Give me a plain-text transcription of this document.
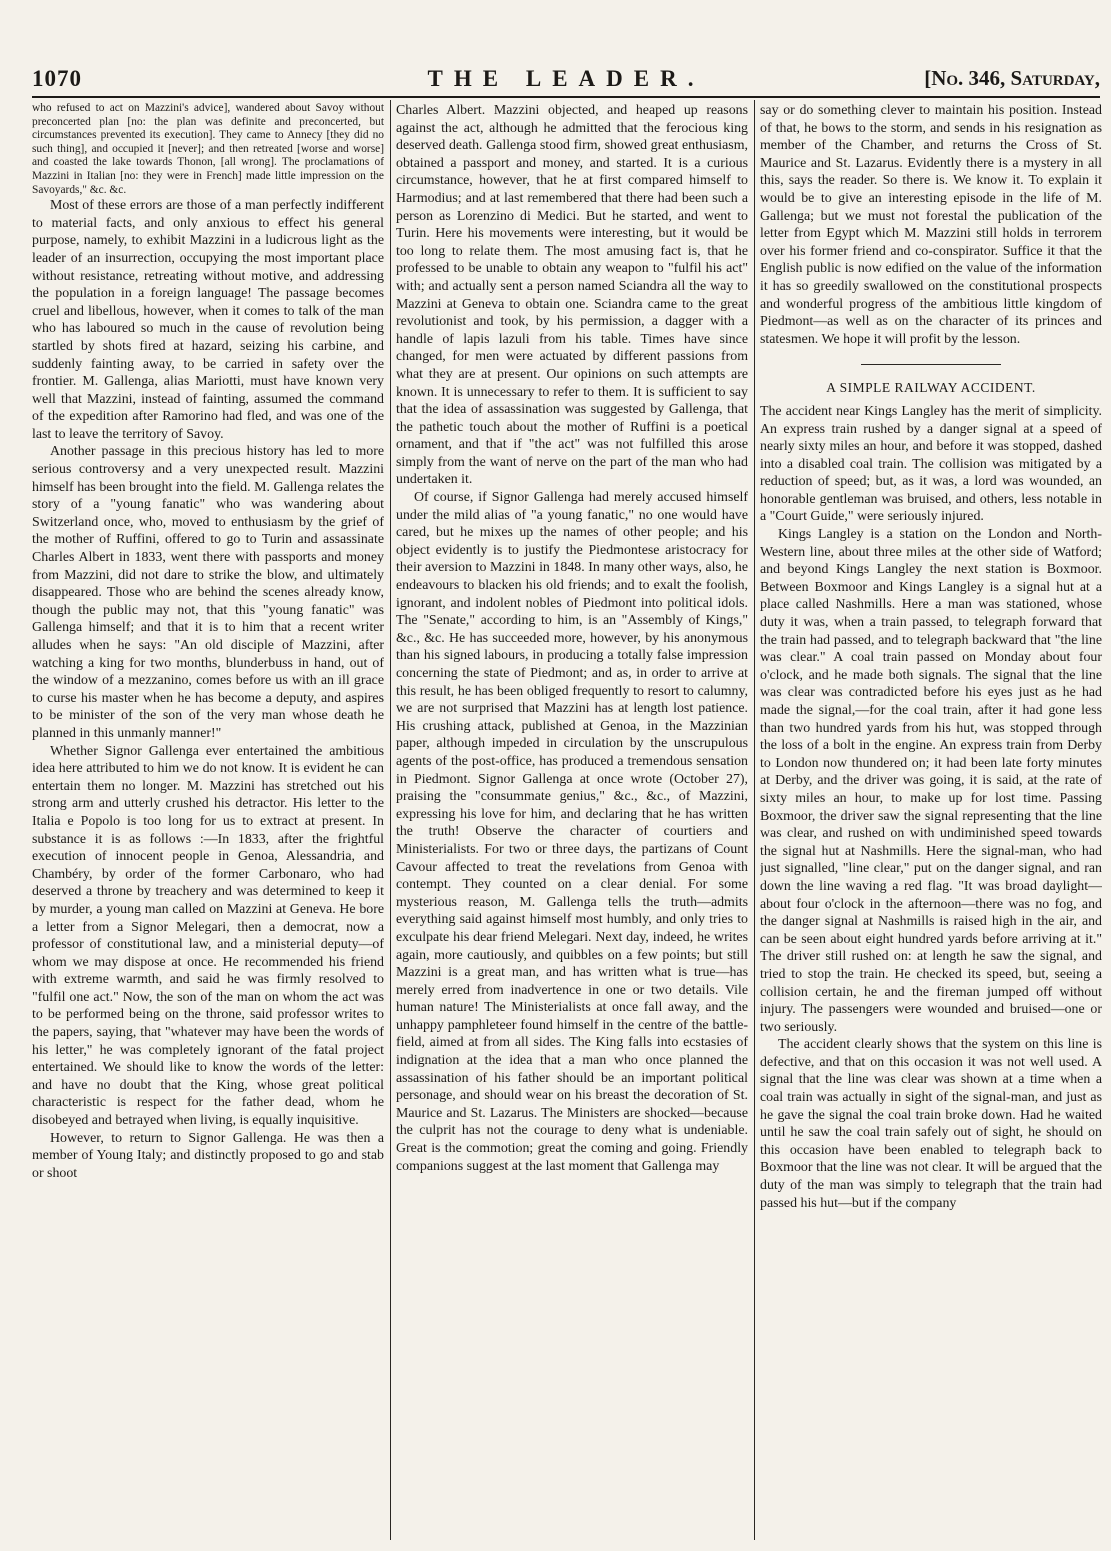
1070	THE LEADER.	[No. 346, Saturday,

who refused to act on Mazzini's advice], wandered about Savoy without preconcerted plan [no: the plan was definite and preconcerted, but circumstances prevented its execution]. They came to Annecy [they did no such thing], and occupied it [never]; and then retreated [worse and worse] and coasted the lake towards Thonon, [all wrong]. The proclamations of Mazzini in Italian [no: they were in French] made little impression on the Savoyards," &c. &c.

Most of these errors are those of a man perfectly indifferent to material facts, and only anxious to effect his general purpose, namely, to exhibit Mazzini in a ludicrous light as the leader of an insurrection, occupying the most important place without resistance, retreating without motive, and addressing the population in a foreign language! The passage becomes cruel and libellous, however, when it comes to talk of the man who has laboured so much in the cause of revolution being startled by shots fired at hazard, seizing his carbine, and suddenly fainting away, to be carried in safety over the frontier. M. Gallenga, alias Mariotti, must have known very well that Mazzini, instead of fainting, assumed the command of the expedition after Ramorino had fled, and was one of the last to leave the territory of Savoy.

Another passage in this precious history has led to more serious controversy and a very unexpected result. Mazzini himself has been brought into the field. M. Gallenga relates the story of a "young fanatic" who was wandering about Switzerland once, who, moved to enthusiasm by the grief of the mother of Ruffini, offered to go to Turin and assassinate Charles Albert in 1833, went there with passports and money from Mazzini, did not dare to strike the blow, and ultimately disappeared. Those who are behind the scenes already know, though the public may not, that this "young fanatic" was Gallenga himself; and that it is to him that a recent writer alludes when he says: "An old disciple of Mazzini, after watching a king for two months, blunderbuss in hand, out of the window of a mezzanino, comes before us with an ill grace to curse his master when he has become a deputy, and aspires to be minister of the son of the very man whose death he planned in this unmanly manner!"

Whether Signor Gallenga ever entertained the ambitious idea here attributed to him we do not know. It is evident he can entertain them no longer. M. Mazzini has stretched out his strong arm and utterly crushed his detractor. His letter to the Italia e Popolo is too long for us to extract at present. In substance it is as follows :—In 1833, after the frightful execution of innocent people in Genoa, Alessandria, and Chambéry, by order of the former Carbonaro, who had deserved a throne by treachery and was determined to keep it by murder, a young man called on Mazzini at Geneva. He bore a letter from a Signor Melegari, then a democrat, now a professor of constitutional law, and a ministerial deputy—of whom we may dispose at once. He recommended his friend with extreme warmth, and said he was firmly resolved to "fulfil one act." Now, the son of the man on whom the act was to be performed being on the throne, said professor writes to the papers, saying, that "whatever may have been the words of his letter," he was completely ignorant of the fatal project entertained. We should like to know the words of the letter: and have no doubt that the King, whose great political characteristic is respect for the father dead, whom he disobeyed and betrayed when living, is equally inquisitive.

However, to return to Signor Gallenga. He was then a member of Young Italy; and distinctly proposed to go and stab or shoot

Charles Albert. Mazzini objected, and heaped up reasons against the act, although he admitted that the ferocious king deserved death. Gallenga stood firm, showed great enthusiasm, obtained a passport and money, and started. It is a curious circumstance, however, that he at first compared himself to Harmodius; and at last remembered that there had been such a person as Lorenzino di Medici. But he started, and went to Turin. Here his movements were interesting, but it would be too long to relate them. The most amusing fact is, that he professed to be unable to obtain any weapon to "fulfil his act" with; and actually sent a person named Sciandra all the way to Mazzini at Geneva to obtain one. Sciandra came to the great revolutionist and took, by his permission, a dagger with a handle of lapis lazuli from his table. Times have since changed, for men were actuated by different passions from what they are at present. Our opinions on such attempts are known. It is unnecessary to refer to them. It is sufficient to say that the idea of assassination was suggested by Gallenga, that the pathetic touch about the mother of Ruffini is a poetical ornament, and that if "the act" was not fulfilled this arose simply from the want of nerve on the part of the man who had undertaken it.

Of course, if Signor Gallenga had merely accused himself under the mild alias of "a young fanatic," no one would have cared, but he mixes up the names of other people; and his object evidently is to justify the Piedmontese aristocracy for their aversion to Mazzini in 1848. In many other ways, also, he endeavours to blacken his old friends; and to exalt the foolish, ignorant, and indolent nobles of Piedmont into political idols. The "Senate," according to him, is an "Assembly of Kings," &c., &c. He has succeeded more, however, by his anonymous than his signed labours, in producing a totally false impression concerning the state of Piedmont; and as, in order to arrive at this result, he has been obliged frequently to resort to calumny, we are not surprised that Mazzini has at length lost patience. His crushing attack, published at Genoa, in the Mazzinian paper, although impeded in circulation by the unscrupulous agents of the post-office, has produced a tremendous sensation in Piedmont. Signor Gallenga at once wrote (October 27), praising the "consummate genius," &c., &c., of Mazzini, expressing his love for him, and declaring that he has written the truth! Observe the character of courtiers and Ministerialists. For two or three days, the partizans of Count Cavour affected to treat the revelations from Genoa with contempt. They counted on a clear denial. For some mysterious reason, M. Gallenga tells the truth—admits everything said against himself most humbly, and only tries to exculpate his dear friend Melegari. Next day, indeed, he writes again, more cautiously, and quibbles on a few points; but still Mazzini is a great man, and has written what is true—has merely erred from inadvertence in one or two details. Vile human nature! The Ministerialists at once fall away, and the unhappy pamphleteer found himself in the centre of the battle-field, aimed at from all sides. The King falls into ecstasies of indignation at the idea that a man who once planned the assassination of his father should be an important political personage, and should wear on his breast the decoration of St. Maurice and St. Lazarus. The Ministers are shocked—because the culprit has not the courage to deny what is undeniable. Great is the commotion; great the coming and going. Friendly companions suggest at the last moment that Gallenga may

say or do something clever to maintain his position. Instead of that, he bows to the storm, and sends in his resignation as member of the Chamber, and returns the Cross of St. Maurice and St. Lazarus. Evidently there is a mystery in all this, says the reader. So there is. We know it. To explain it would be to give an interesting episode in the life of M. Gallenga; but we must not forestal the publication of the letter from Egypt which M. Mazzini still holds in terrorem over his former friend and co-conspirator. Suffice it that the English public is now edified on the value of the information it has so greedily swallowed on the constitutional prospects and wonderful progress of the ambitious little kingdom of Piedmont—as well as on the character of its princes and statesmen. We hope it will profit by the lesson.

A SIMPLE RAILWAY ACCIDENT.

The accident near Kings Langley has the merit of simplicity. An express train rushed by a danger signal at a speed of nearly sixty miles an hour, and before it was stopped, dashed into a disabled coal train. The collision was mitigated by a reduction of speed; but, as it was, a lord was wounded, an honorable gentleman was bruised, and others, less notable in a "Court Guide," were seriously injured.

Kings Langley is a station on the London and North-Western line, about three miles at the other side of Watford; and beyond Kings Langley the next station is Boxmoor. Between Boxmoor and Kings Langley is a signal hut at a place called Nashmills. Here a man was stationed, whose duty it was, when a train passed, to telegraph forward that the train had passed, and to telegraph backward that "the line was clear." A coal train passed on Monday about four o'clock, and he made both signals. The signal that the line was clear was contradicted before his eyes just as he had made the signal,—for the coal train, after it had gone less than two hundred yards from his hut, was stopped through the loss of a bolt in the engine. An express train from Derby to London now thundered on; it had been late forty minutes at Derby, and the driver was going, it is said, at the rate of sixty miles an hour, to make up for lost time. Passing Boxmoor, the driver saw the signal representing that the line was clear, and rushed on with undiminished speed towards the signal hut at Nashmills. Here the signal-man, who had just signalled, "line clear," put on the danger signal, and ran down the line waving a red flag. "It was broad daylight—about four o'clock in the afternoon—there was no fog, and the danger signal at Nashmills is raised high in the air, and can be seen about eight hundred yards before arriving at it." The driver still rushed on: at length he saw the signal, and tried to stop the train. He checked its speed, but, seeing a collision certain, he and the fireman jumped off without injury. The passengers were wounded and bruised—one or two seriously.

The accident clearly shows that the system on this line is defective, and that on this occasion it was not well used. A signal that the line was clear was shown at a time when a coal train was actually in sight of the signal-man, and just as he gave the signal the coal train broke down. Had he waited until he saw the coal train safely out of sight, he should on this occasion have been enabled to telegraph back to Boxmoor that the line was not clear. It will be argued that the duty of the man was simply to telegraph that the train had passed his hut—but if the company
